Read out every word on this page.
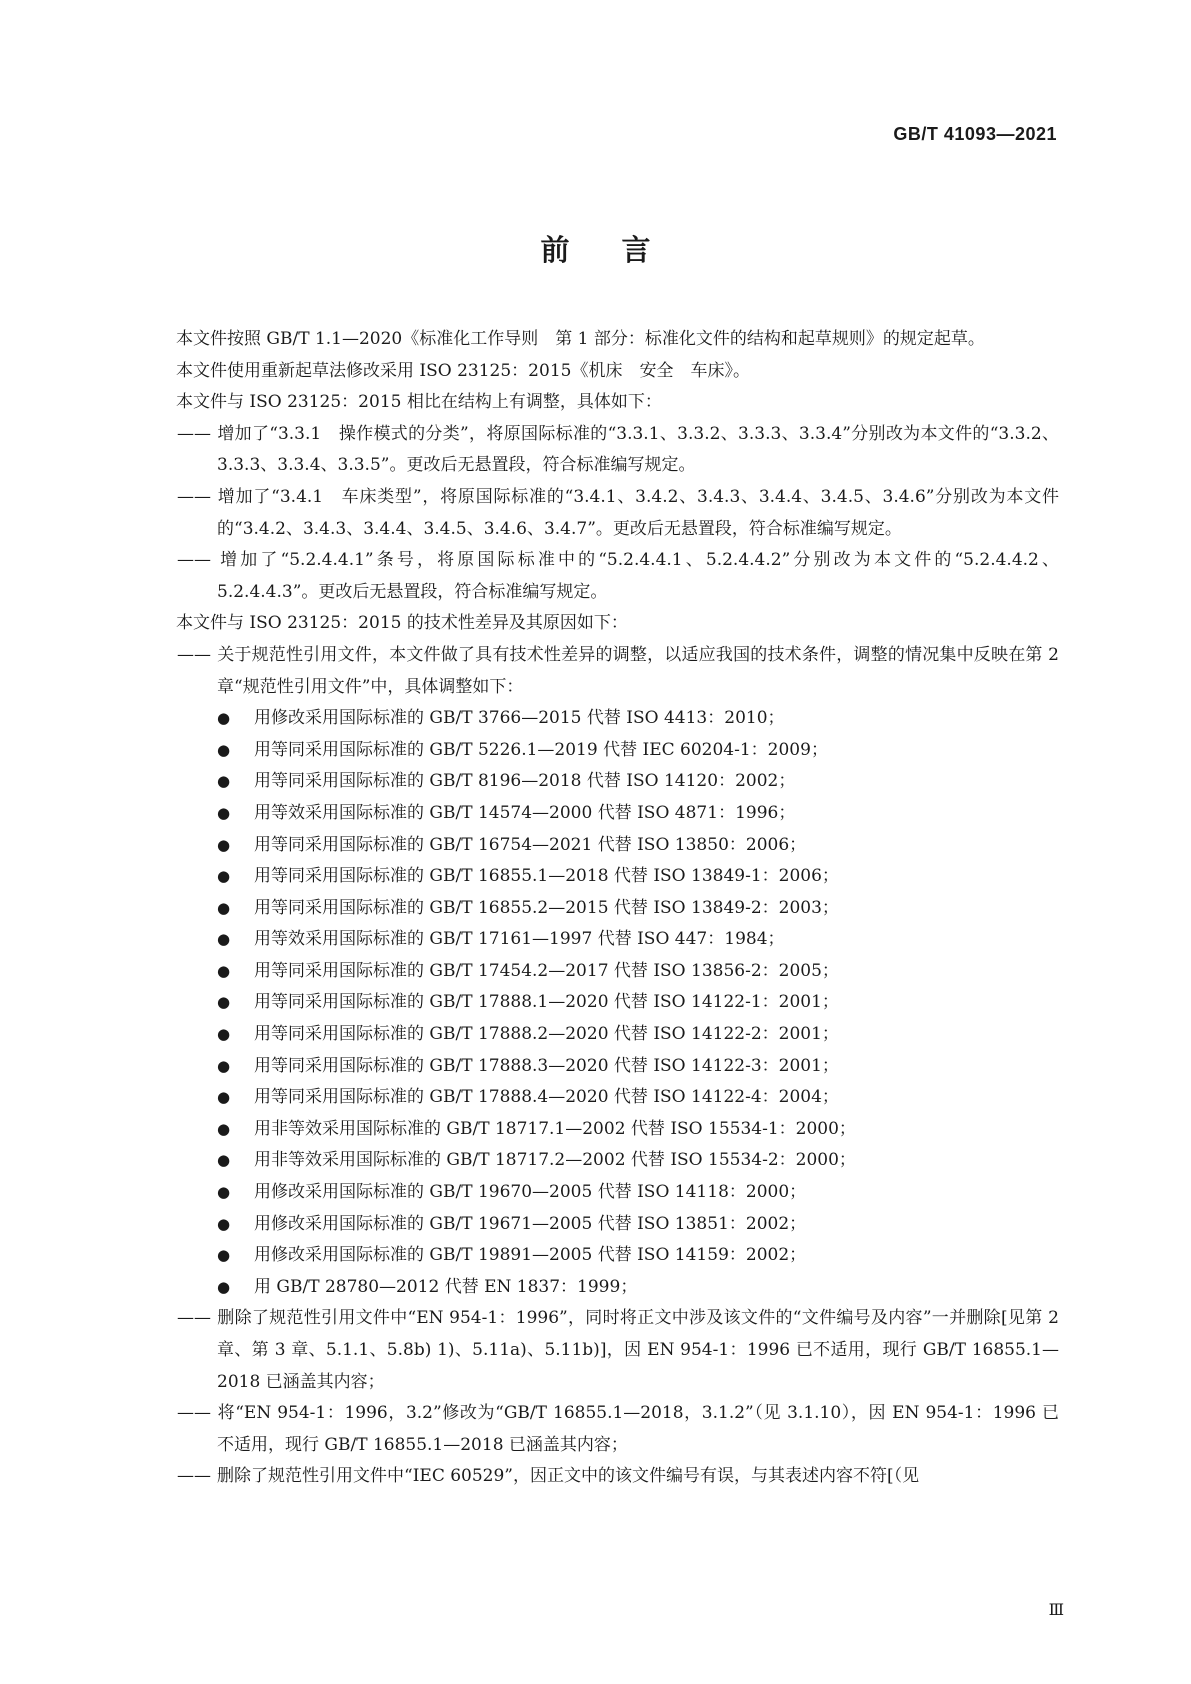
GB/T 41093—2021
前言

本文件按照 GB/T 1.1—2020《标准化工作导则　第 1 部分：标准化文件的结构和起草规则》的规定起草。

本文件使用重新起草法修改采用 ISO 23125：2015《机床　安全　车床》。

本文件与 ISO 23125：2015 相比在结构上有调整，具体如下：

—— 增加了“3.3.1　操作模式的分类”，将原国际标准的“3.3.1、3.3.2、3.3.3、3.3.4”分别改为本文件的“3.3.2、3.3.3、3.3.4、3.3.5”。更改后无悬置段，符合标准编写规定。

—— 增加了“3.4.1　车床类型”，将原国际标准的“3.4.1、3.4.2、3.4.3、3.4.4、3.4.5、3.4.6”分别改为本文件的“3.4.2、3.4.3、3.4.4、3.4.5、3.4.6、3.4.7”。更改后无悬置段，符合标准编写规定。

—— 增加了“5.2.4.4.1”条号，将原国际标准中的“5.2.4.4.1、5.2.4.4.2”分别改为本文件的“5.2.4.4.2、5.2.4.4.3”。更改后无悬置段，符合标准编写规定。

本文件与 ISO 23125：2015 的技术性差异及其原因如下：

—— 关于规范性引用文件，本文件做了具有技术性差异的调整，以适应我国的技术条件，调整的情况集中反映在第 2 章“规范性引用文件”中，具体调整如下：

● 用修改采用国际标准的 GB/T 3766—2015 代替 ISO 4413：2010；
● 用等同采用国际标准的 GB/T 5226.1—2019 代替 IEC 60204-1：2009；
● 用等同采用国际标准的 GB/T 8196—2018 代替 ISO 14120：2002；
● 用等效采用国际标准的 GB/T 14574—2000 代替 ISO 4871：1996；
● 用等同采用国际标准的 GB/T 16754—2021 代替 ISO 13850：2006；
● 用等同采用国际标准的 GB/T 16855.1—2018 代替 ISO 13849-1：2006；
● 用等同采用国际标准的 GB/T 16855.2—2015 代替 ISO 13849-2：2003；
● 用等效采用国际标准的 GB/T 17161—1997 代替 ISO 447：1984；
● 用等同采用国际标准的 GB/T 17454.2—2017 代替 ISO 13856-2：2005；
● 用等同采用国际标准的 GB/T 17888.1—2020 代替 ISO 14122-1：2001；
● 用等同采用国际标准的 GB/T 17888.2—2020 代替 ISO 14122-2：2001；
● 用等同采用国际标准的 GB/T 17888.3—2020 代替 ISO 14122-3：2001；
● 用等同采用国际标准的 GB/T 17888.4—2020 代替 ISO 14122-4：2004；
● 用非等效采用国际标准的 GB/T 18717.1—2002 代替 ISO 15534-1：2000；
● 用非等效采用国际标准的 GB/T 18717.2—2002 代替 ISO 15534-2：2000；
● 用修改采用国际标准的 GB/T 19670—2005 代替 ISO 14118：2000；
● 用修改采用国际标准的 GB/T 19671—2005 代替 ISO 13851：2002；
● 用修改采用国际标准的 GB/T 19891—2005 代替 ISO 14159：2002；
● 用 GB/T 28780—2012 代替 EN 1837：1999；

—— 删除了规范性引用文件中“EN 954-1：1996”，同时将正文中涉及该文件的“文件编号及内容”一并删除[见第 2 章、第 3 章、5.1.1、5.8b) 1)、5.11a)、5.11b)]，因 EN 954-1：1996 已不适用，现行 GB/T 16855.1—2018 已涵盖其内容；

—— 将“EN 954-1：1996，3.2”修改为“GB/T 16855.1—2018，3.1.2”（见 3.1.10），因 EN 954-1：1996 已不适用，现行 GB/T 16855.1—2018 已涵盖其内容；

—— 删除了规范性引用文件中“IEC 60529”，因正文中的该文件编号有误，与其表述内容不符[（见

Ⅲ
